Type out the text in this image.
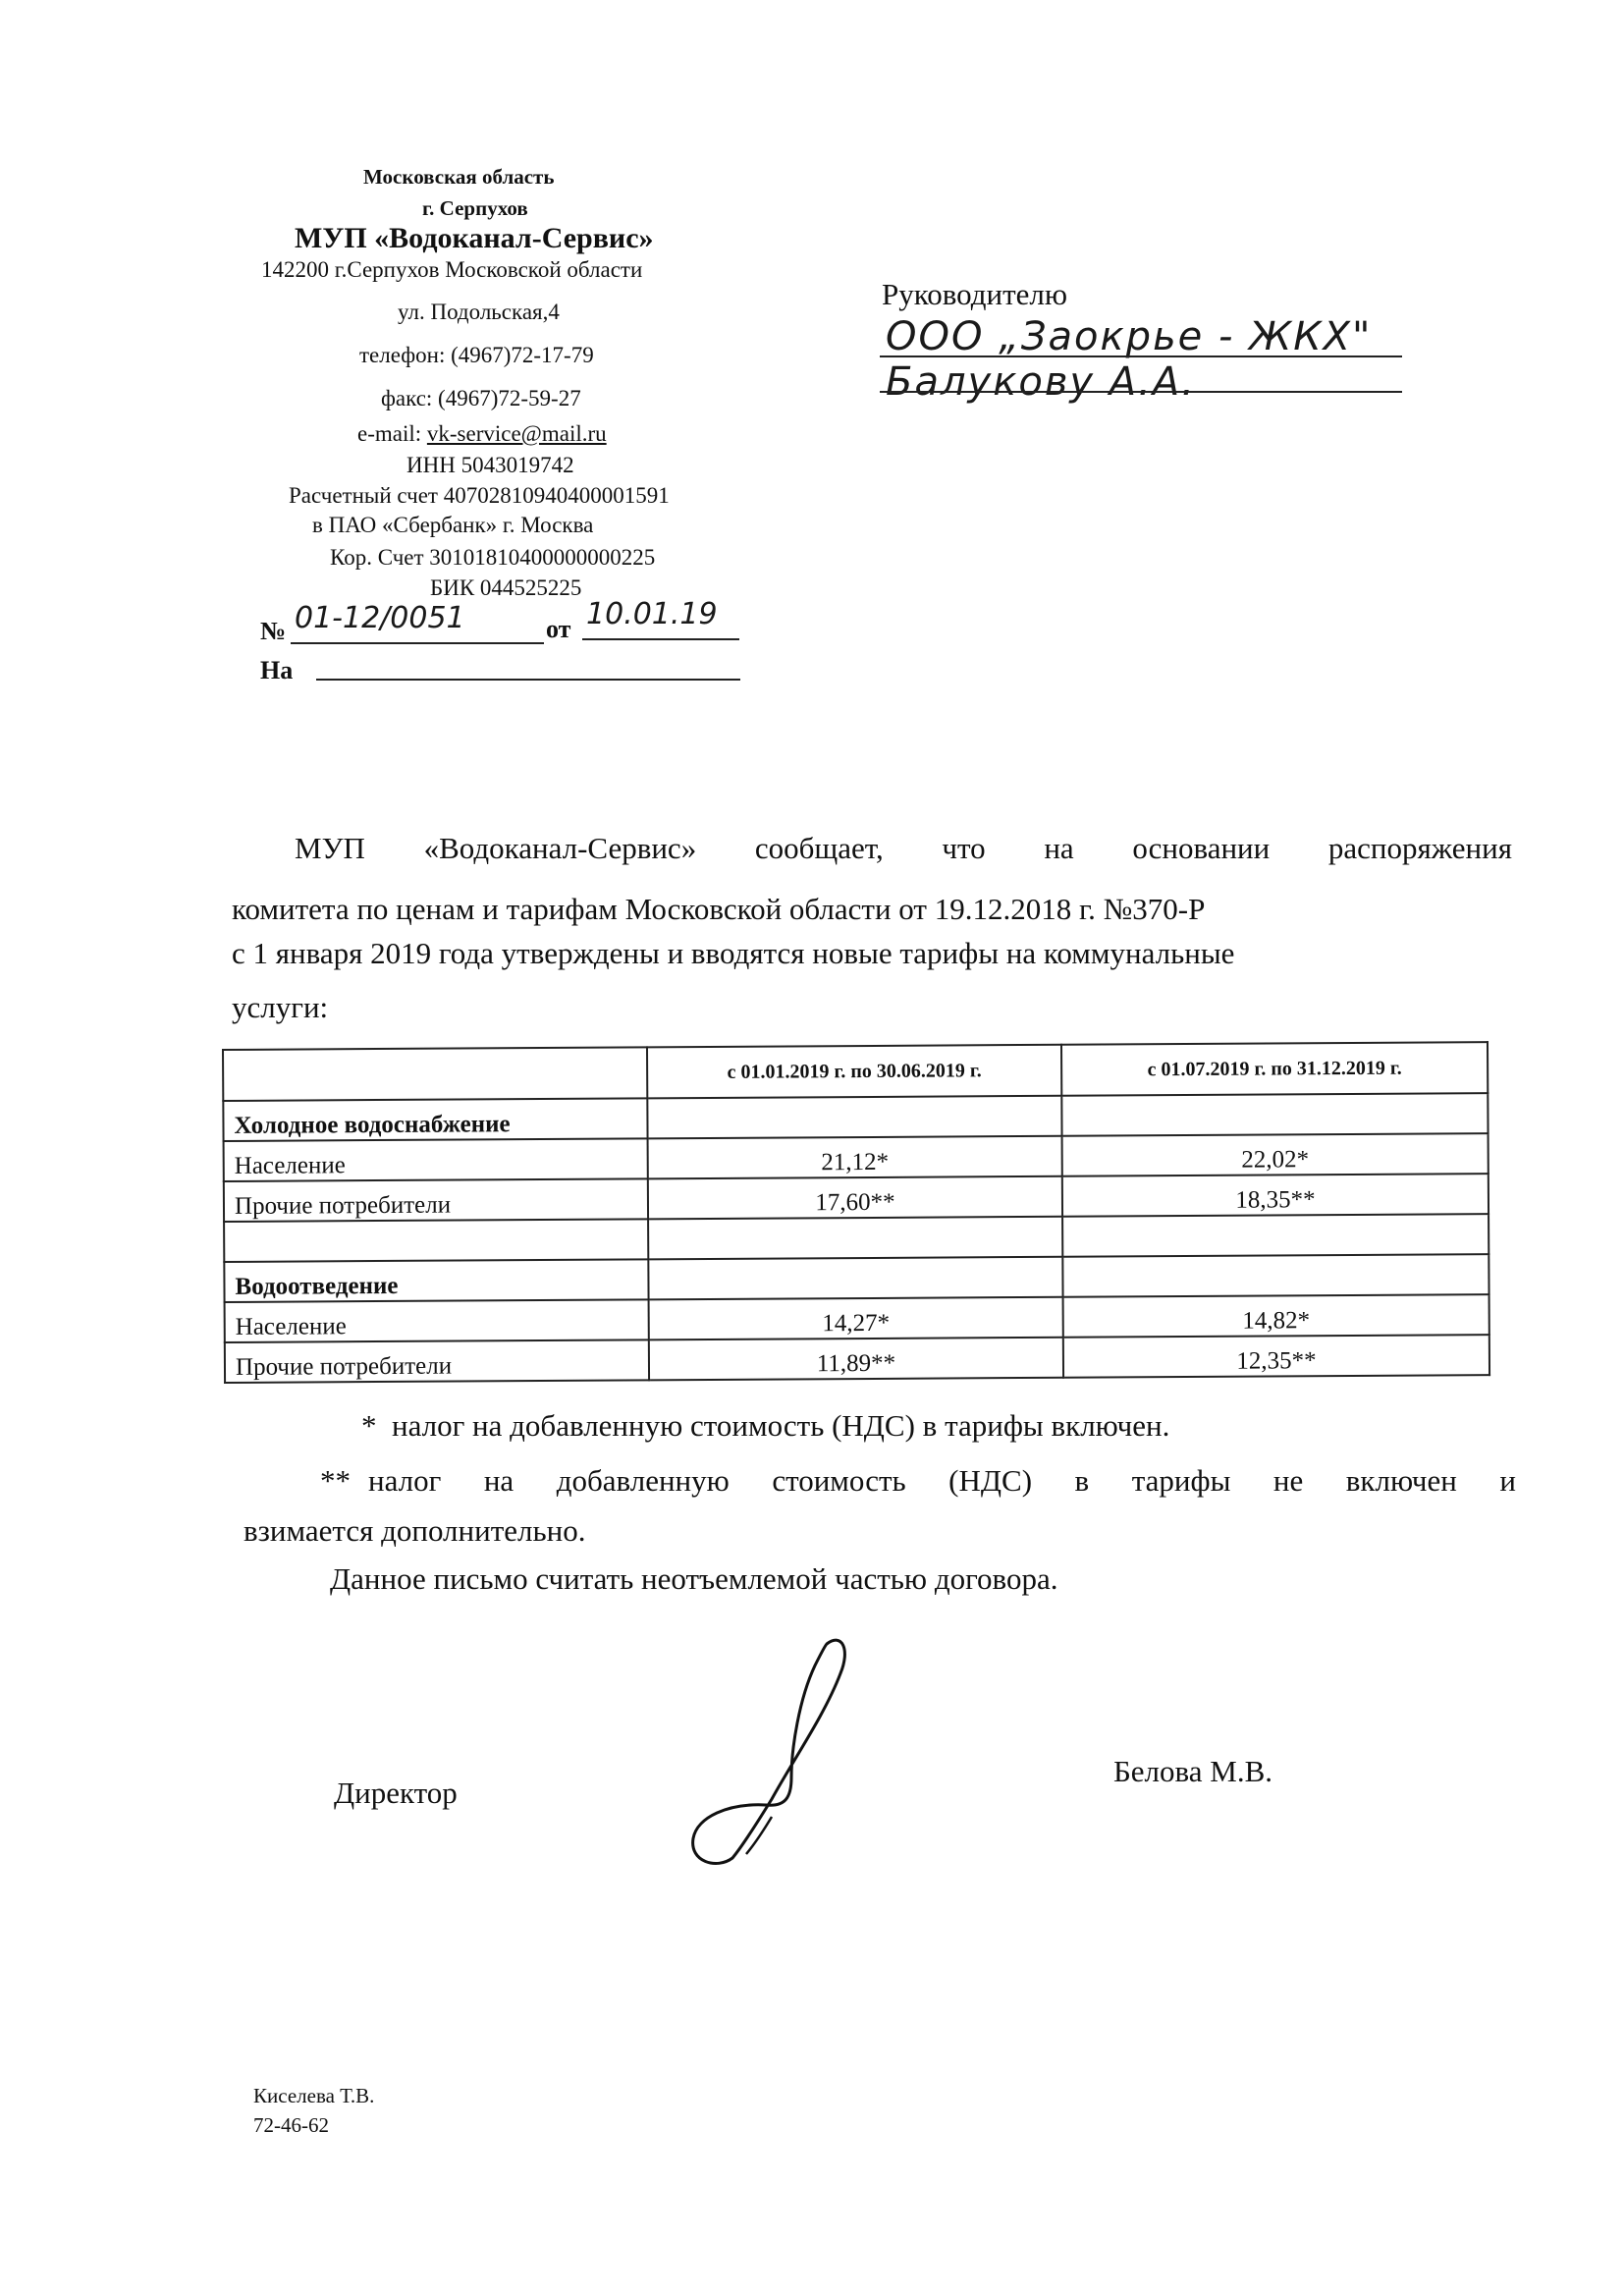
Московская область
г. Серпухов
МУП «Водоканал-Сервис»
142200 г.Серпухов Московской области
ул. Подольская,4
телефон: (4967)72-17-79
факс: (4967)72-59-27
e-mail: vk-service@mail.ru
ИНН 5043019742
Расчетный счет 40702810940400001591
в ПАО «Сбербанк» г. Москва
Кор. Счет 30101810400000000225
БИК 044525225
№ 01-12/0051	от 10.01.19
На
Руководителю
ООО „Заокрье - ЖКХ"
Балукову А.А.
МУП «Водоканал-Сервис» сообщает, что на основании распоряжения
комитета по ценам и тарифам Московской области от 19.12.2018 г. №370-Р
с 1 января 2019 года утверждены и вводятся новые тарифы на коммунальные
услуги:
	с 01.01.2019 г. по 30.06.2019 г.	с 01.07.2019 г. по 31.12.2019 г.
Холодное водоснабжение		
Население	21,12*	22,02*
Прочие потребители	17,60**	18,35**

Водоотведение		
Население	14,27*	14,82*
Прочие потребители	11,89**	12,35**
* налог на добавленную стоимость (НДС) в тарифы включен.
** налог на добавленную стоимость (НДС) в тарифы не включен и
взимается дополнительно.
Данное письмо считать неотъемлемой частью договора.
Директор
Белова М.В.
Киселева Т.В.
72-46-62
